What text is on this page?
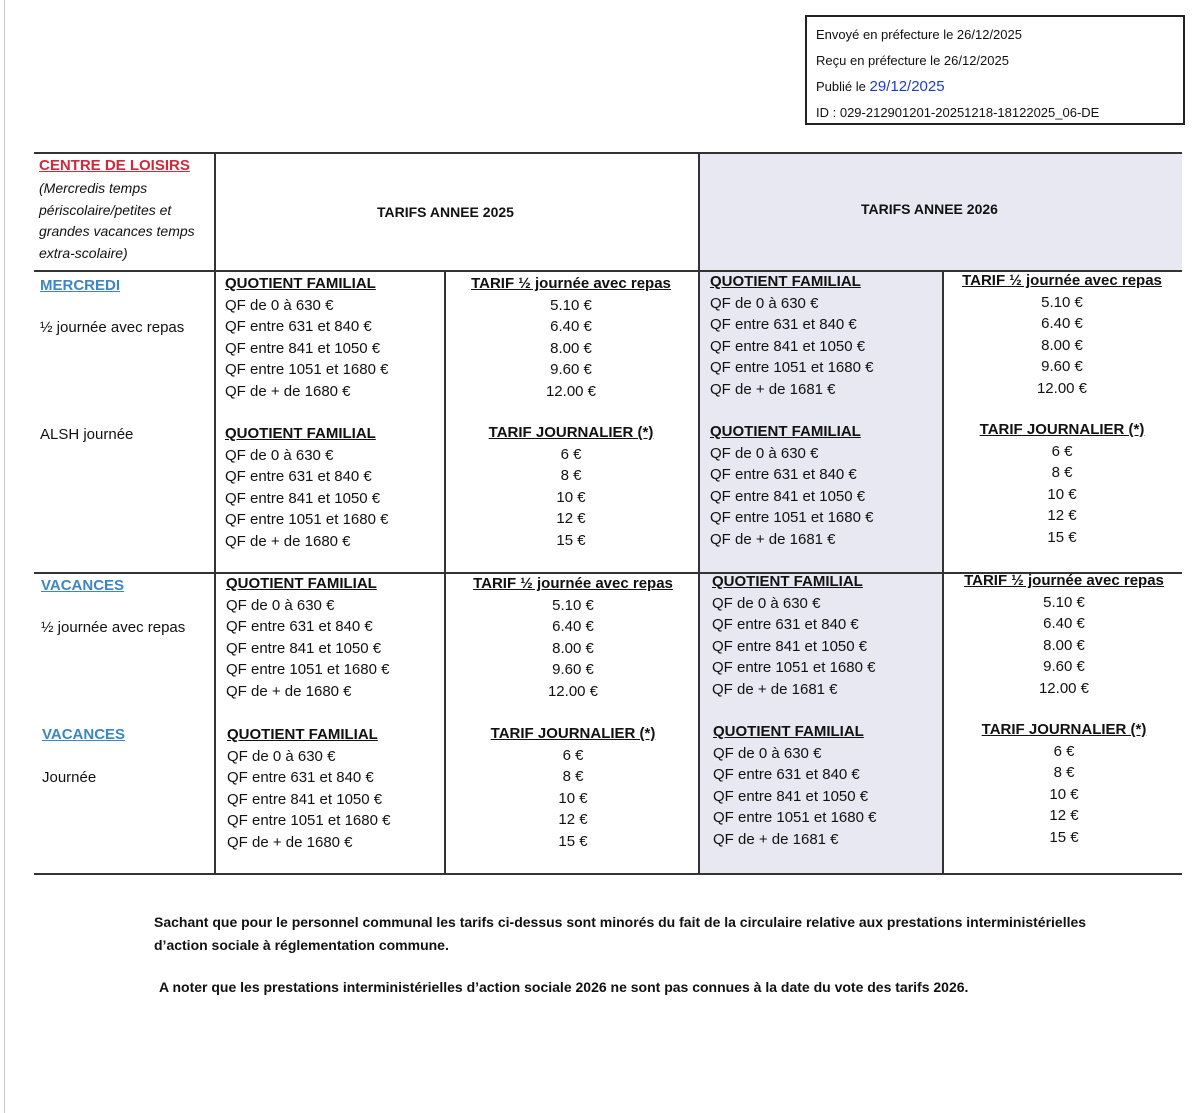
Envoyé en préfecture le 26/12/2025
Reçu en préfecture le 26/12/2025
Publié le 29/12/2025
ID : 029-212901201-20251218-18122025_06-DE
CENTRE DE LOISIRS
(Mercredis temps périscolaire/petites et grandes vacances temps extra-scolaire)
TARIFS ANNEE 2025	TARIFS ANNEE 2026
MERCREDI
½ journée avec repas
ALSH journée
VACANCES
½ journée avec repas
VACANCES
Journée
QUOTIENT FAMILIAL
QF de 0 à 630 €
QF entre 631 et 840 €
QF entre 841 et 1050 €
QF entre 1051 et 1680 €
QF de + de 1680 €
TARIF ½ journée avec repas
5.10 €
6.40 €
8.00 €
9.60 €
12.00 €
QUOTIENT FAMILIAL
QF de 0 à 630 €
QF entre 631 et 840 €
QF entre 841 et 1050 €
QF entre 1051 et 1680 €
QF de + de 1681 €
TARIF ½ journée avec repas
5.10 €
6.40 €
8.00 €
9.60 €
12.00 €
QUOTIENT FAMILIAL
QF de 0 à 630 €
QF entre 631 et 840 €
QF entre 841 et 1050 €
QF entre 1051 et 1680 €
QF de + de 1680 €
TARIF JOURNALIER (*)
6 €
8 €
10 €
12 €
15 €
QUOTIENT FAMILIAL
QF de 0 à 630 €
QF entre 631 et 840 €
QF entre 841 et 1050 €
QF entre 1051 et 1680 €
QF de + de 1681 €
TARIF JOURNALIER (*)
6 €
8 €
10 €
12 €
15 €
QUOTIENT FAMILIAL
QF de 0 à 630 €
QF entre 631 et 840 €
QF entre 841 et 1050 €
QF entre 1051 et 1680 €
QF de + de 1680 €
TARIF ½ journée avec repas
5.10 €
6.40 €
8.00 €
9.60 €
12.00 €
QUOTIENT FAMILIAL
QF de 0 à 630 €
QF entre 631 et 840 €
QF entre 841 et 1050 €
QF entre 1051 et 1680 €
QF de + de 1681 €
TARIF ½ journée avec repas
5.10 €
6.40 €
8.00 €
9.60 €
12.00 €
QUOTIENT FAMILIAL
QF de 0 à 630 €
QF entre 631 et 840 €
QF entre 841 et 1050 €
QF entre 1051 et 1680 €
QF de + de 1680 €
TARIF JOURNALIER (*)
6 €
8 €
10 €
12 €
15 €
QUOTIENT FAMILIAL
QF de 0 à 630 €
QF entre 631 et 840 €
QF entre 841 et 1050 €
QF entre 1051 et 1680 €
QF de + de 1681 €
TARIF JOURNALIER (*)
6 €
8 €
10 €
12 €
15 €
Sachant que pour le personnel communal les tarifs ci-dessus sont minorés du fait de la circulaire relative aux prestations interministérielles d’action sociale à réglementation commune.
A noter que les prestations interministérielles d’action sociale 2026 ne sont pas connues à la date du vote des tarifs 2026.
